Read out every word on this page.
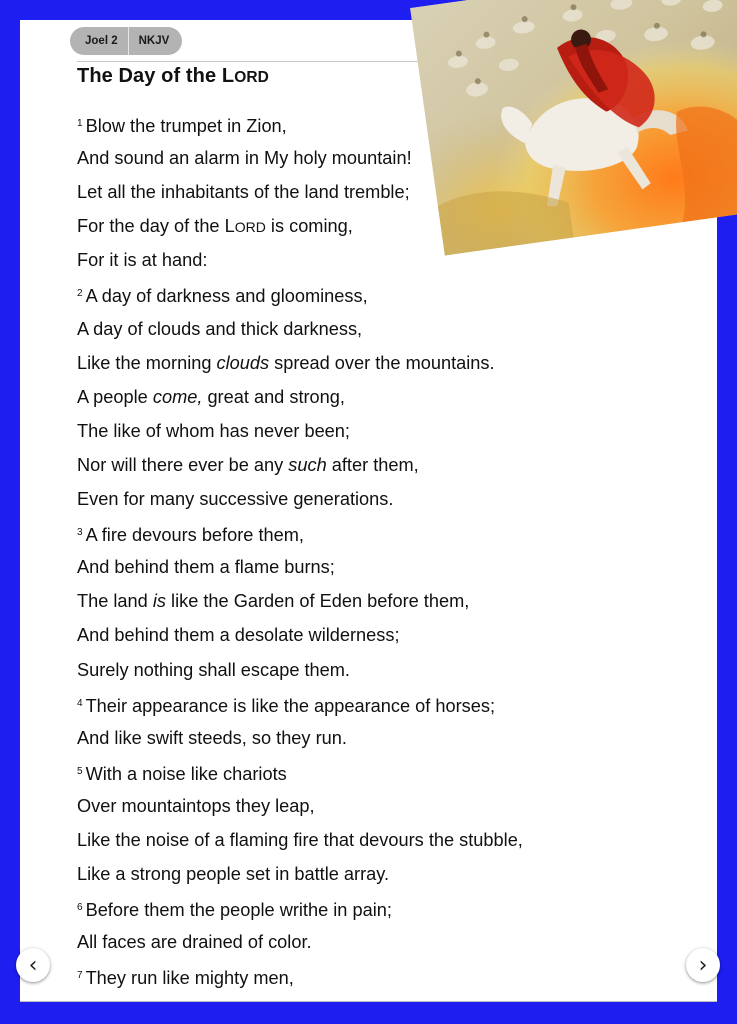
Joel 2	NKJV
The Day of the LORD
$^1$ Blow the trumpet in Zion,
And sound an alarm in My holy mountain!
Let all the inhabitants of the land tremble;
For the day of the LORD is coming,
For it is at hand:
$^2$ A day of darkness and gloominess,
A day of clouds and thick darkness,
Like the morning clouds spread over the mountains.
A people come, great and strong,
The like of whom has never been;
Nor will there ever be any such after them,
Even for many successive generations.
$^3$ A fire devours before them,
And behind them a flame burns;
The land is like the Garden of Eden before them,
And behind them a desolate wilderness;
Surely nothing shall escape them.
$^4$ Their appearance is like the appearance of horses;
And like swift steeds, so they run.
$^5$ With a noise like chariots
Over mountaintops they leap,
Like the noise of a flaming fire that devours the stubble,
Like a strong people set in battle array.
$^6$ Before them the people writhe in pain;
All faces are drained of color.
$^7$ They run like mighty men,
‹	›
